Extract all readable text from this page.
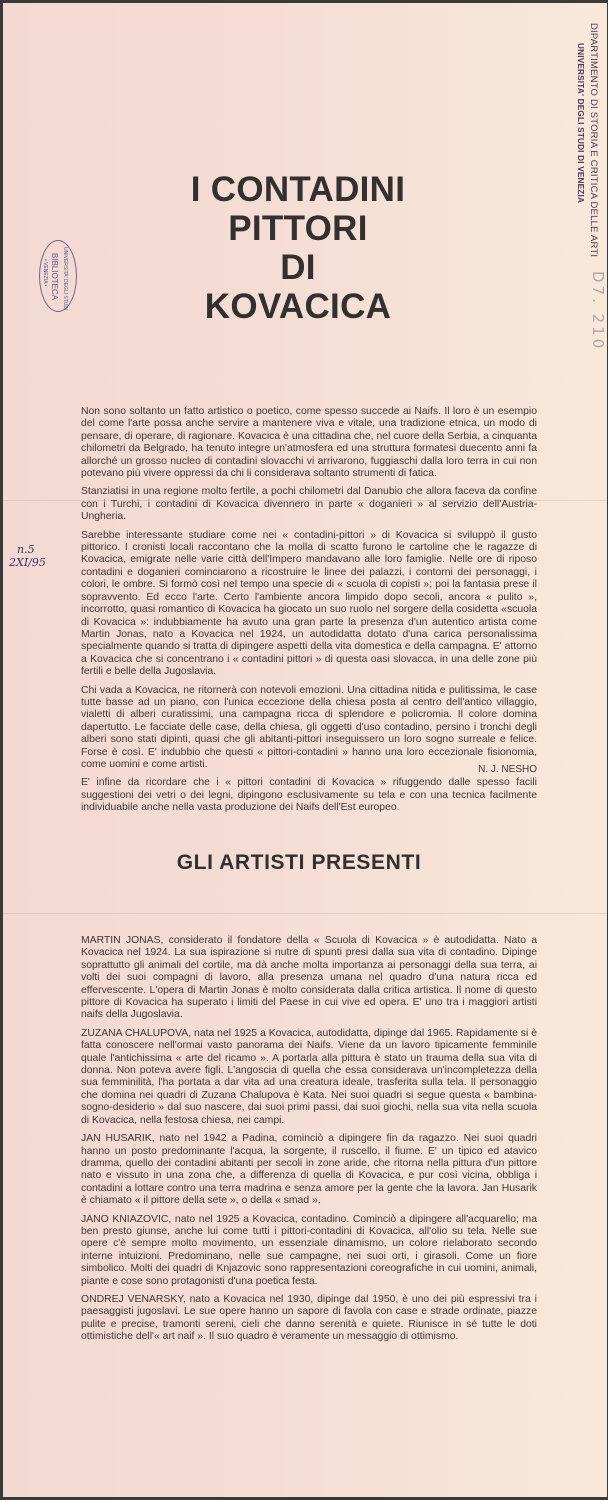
DIPARTIMENTO DI STORIA E CRITICA DELLE ARTI
UNIVERSITA' DEGLI STUDI DI VENEZIA
D7. 210
UNIVERSITA' DEGLI STUDI
BIBLIOTECA
• VENEZIA •
n.5
2XI/95
I CONTADINI
PITTORI
DI
KOVACICA

Non sono soltanto un fatto artistico o poetico, come spesso succede ai Naifs. Il loro è un esempio del come l'arte possa anche servire a mantenere viva e vitale, una tradizione etnica, un modo di pensare, di operare, di ragionare. Kovacica è una cittadina che, nel cuore della Serbia, a cinquanta chilometri da Belgrado, ha tenuto integre un'atmosfera ed una struttura formatesi duecento anni fa allorché un grosso nucleo di contadini slovacchi vi arrivarono, fuggiaschi dalla loro terra in cui non potevano più vivere oppressi da chi li considerava soltanto strumenti di fatica.

Stanziatisi in una regione molto fertile, a pochi chilometri dal Danubio che allora faceva da confine con i Turchi, i contadini di Kovacica divennero in parte « doganieri » al servizio dell'Austria-Ungheria.

Sarebbe interessante studiare come nei « contadini-pittori » di Kovacica si sviluppò il gusto pittorico. I cronisti locali raccontano che la molla di scatto furono le cartoline che le ragazze di Kovacica, emigrate nelle varie città dell'Impero mandavano alle loro famiglie. Nelle ore di riposo contadini e doganieri cominciarono a ricostruire le linee dei palazzi, i contorni dei personaggi, i colori, le ombre. Si formò così nel tempo una specie di « scuola di copisti »; poi la fantasia prese il sopravvento. Ed ecco l'arte. Certo l'ambiente ancora limpido dopo secoli, ancora « pulito », incorrotto, quasi romantico di Kovacica ha giocato un suo ruolo nel sorgere della cosidetta «scuola di Kovacica »: indubbiamente ha avuto una gran parte la presenza d'un autentico artista come Martin Jonas, nato a Kovacica nel 1924, un autodidatta dotato d'una carica personalissima specialmente quando si tratta di dipingere aspetti della vita domestica e della campagna. E' attorno a Kovacica che si concentrano i « contadini pittori » di questa oasi slovacca, in una delle zone più fertili e belle della Jugoslavia.

Chi vada a Kovacica, ne ritornerà con notevoli emozioni. Una cittadina nitida e pulitissima, le case tutte basse ad un piano, con l'unica eccezione della chiesa posta al centro dell'antico villaggio, vialetti di alberi curatissimi, una campagna ricca di splendore e policromia. Il colore domina dapertutto. Le facciate delle case, della chiesa, gli oggetti d'uso contadino, persino i tronchi degli alberi sono stati dipinti, quasi che gli abitanti-pittori inseguissero un loro sogno surreale e felice. Forse è così. E' indubbio che questi « pittori-contadini » hanno una loro eccezionale fisionomia, come uomini e come artisti.

E' infine da ricordare che i « pittori contadini di Kovacica » rifuggendo dalle spesso facili suggestioni dei vetri o dei legni, dipingono esclusivamente su tela e con una tecnica facilmente individuabile anche nella vasta produzione dei Naifs dell'Est europeo.

N. J. NESHO
GLI ARTISTI PRESENTI

MARTIN JONAS, considerato il fondatore della « Scuola di Kovacica » è autodidatta. Nato a Kovacica nel 1924. La sua ispirazione si nutre di spunti presi dalla sua vita di contadino. Dipinge soprattutto gli animali del cortile, ma dà anche molta importanza ai personaggi della sua terra, ai volti dei suoi compagni di lavoro, alla presenza umana nel quadro d'una natura ricca ed effervescente. L'opera di Martin Jonas è molto considerata dalla critica artistica. Il nome di questo pittore di Kovacica ha superato i limiti del Paese in cui vive ed opera. E' uno tra i maggiori artisti naifs della Jugoslavia.

ZUZANA CHALUPOVA, nata nel 1925 a Kovacica, autodidatta, dipinge dal 1965. Rapidamente si è fatta conoscere nell'ormai vasto panorama dei Naifs. Viene da un lavoro tipicamente femminile quale l'antichissima « arte del ricamo ». A portarla alla pittura è stato un trauma della sua vita di donna. Non poteva avere figli. L'angoscia di quella che essa considerava un'incompletezza della sua femminilità, l'ha portata a dar vita ad una creatura ideale, trasferita sulla tela. Il personaggio che domina nei quadri di Zuzana Chalupova è Kata. Nei suoi quadri si segue questa « bambina-sogno-desiderio » dal suo nascere, dai suoi primi passi, dai suoi giochi, nella sua vita nella scuola di Kovacica, nella festosa chiesa, nei campi.

JAN HUSARIK, nato nel 1942 a Padina, cominciò a dipingere fin da ragazzo. Nei suoi quadri hanno un posto predominante l'acqua, la sorgente, il ruscello, il fiume. E' un tipico ed atavico dramma, quello dei contadini abitanti per secoli in zone aride, che ritorna nella pittura d'un pittore nato e vissuto in una zona che, a differenza di quella di Kovacica, e pur così vicina, obbliga i contadini a lottare contro una terra madrina e senza amore per la gente che la lavora. Jan Husarik è chiamato « il pittore della sete », o della « smad ».

JANO KNIAZOVIC, nato nel 1925 a Kovacica, contadino. Cominciò a dipingere all'acquarello; ma ben presto giunse, anche lui come tutti i pittori-contadini di Kovacica, all'olio su tela. Nelle sue opere c'è sempre molto movimento, un essenziale dinamismo, un colore rielaborato secondo interne intuizioni. Predominano, nelle sue campagne, nei suoi orti, i girasoli. Come un fiore simbolico. Molti dei quadri di Knjazovic sono rappresentazioni coreografiche in cui uomini, animali, piante e cose sono protagonisti d'una poetica festa.

ONDREJ VENARSKY, nato a Kovacica nel 1930, dipinge dal 1950, è uno dei più espressivi tra i paesaggisti jugoslavi. Le sue opere hanno un sapore di favola con case e strade ordinate, piazze pulite e precise, tramonti sereni, cieli che danno serenità e quiete. Riunisce in sé tutte le doti ottimistiche dell'« art naif ». Il suo quadro è veramente un messaggio di ottimismo.
